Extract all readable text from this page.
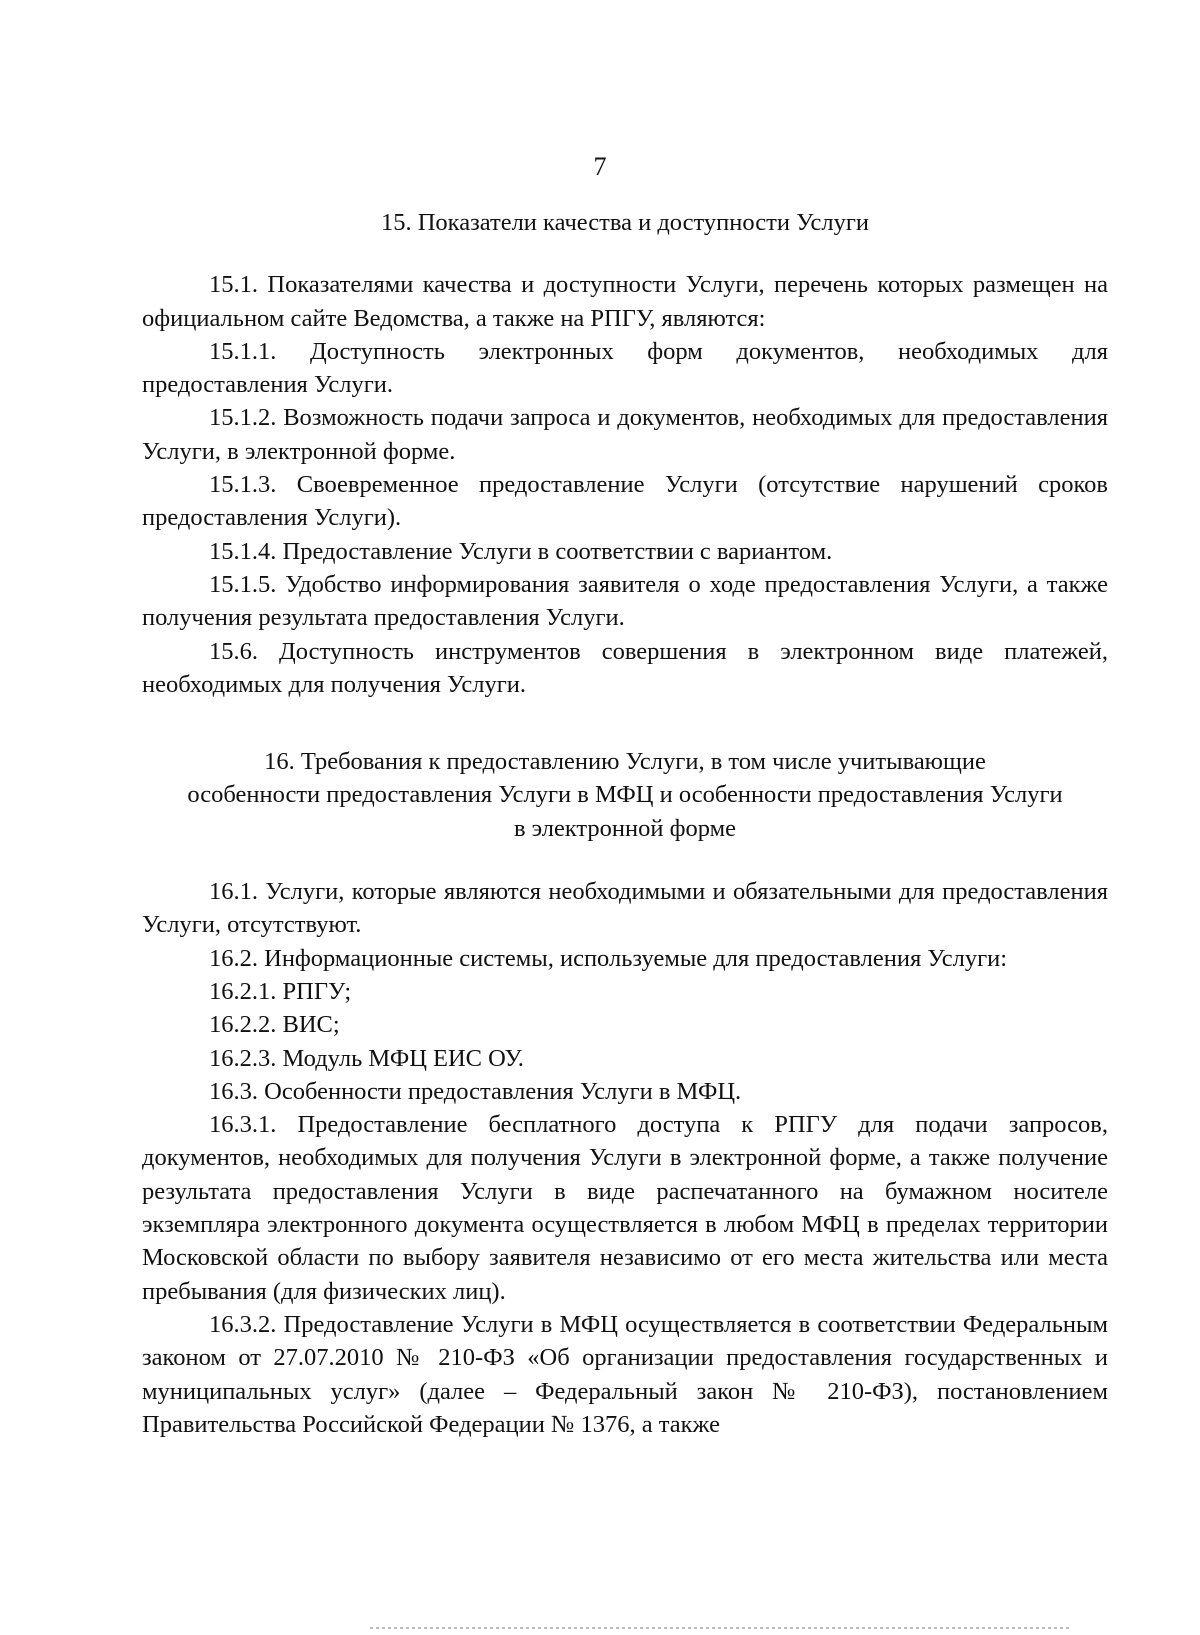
7
15. Показатели качества и доступности Услуги

15.1. Показателями качества и доступности Услуги, перечень которых размещен на официальном сайте Ведомства, а также на РПГУ, являются:

15.1.1. Доступность электронных форм документов, необходимых для предоставления Услуги.

15.1.2. Возможность подачи запроса и документов, необходимых для предоставления Услуги, в электронной форме.

15.1.3. Своевременное предоставление Услуги (отсутствие нарушений сроков предоставления Услуги).

15.1.4. Предоставление Услуги в соответствии с вариантом.

15.1.5. Удобство информирования заявителя о ходе предоставления Услуги, а также получения результата предоставления Услуги.

15.6. Доступность инструментов совершения в электронном виде платежей, необходимых для получения Услуги.

16. Требования к предоставлению Услуги, в том числе учитывающие
особенности предоставления Услуги в МФЦ и особенности предоставления Услуги
в электронной форме

16.1. Услуги, которые являются необходимыми и обязательными для предоставления Услуги, отсутствуют.

16.2. Информационные системы, используемые для предоставления Услуги:

16.2.1. РПГУ;

16.2.2. ВИС;

16.2.3. Модуль МФЦ ЕИС ОУ.

16.3. Особенности предоставления Услуги в МФЦ.

16.3.1. Предоставление бесплатного доступа к РПГУ для подачи запросов, документов, необходимых для получения Услуги в электронной форме, а также получение результата предоставления Услуги в виде распечатанного на бумажном носителе экземпляра электронного документа осуществляется в любом МФЦ в пределах территории Московской области по выбору заявителя независимо от его места жительства или места пребывания (для физических лиц).

16.3.2. Предоставление Услуги в МФЦ осуществляется в соответствии Федеральным законом от 27.07.2010 № 210-ФЗ «Об организации предоставления государственных и муниципальных услуг» (далее – Федеральный закон № 210-ФЗ), постановлением Правительства Российской Федерации № 1376, а также
